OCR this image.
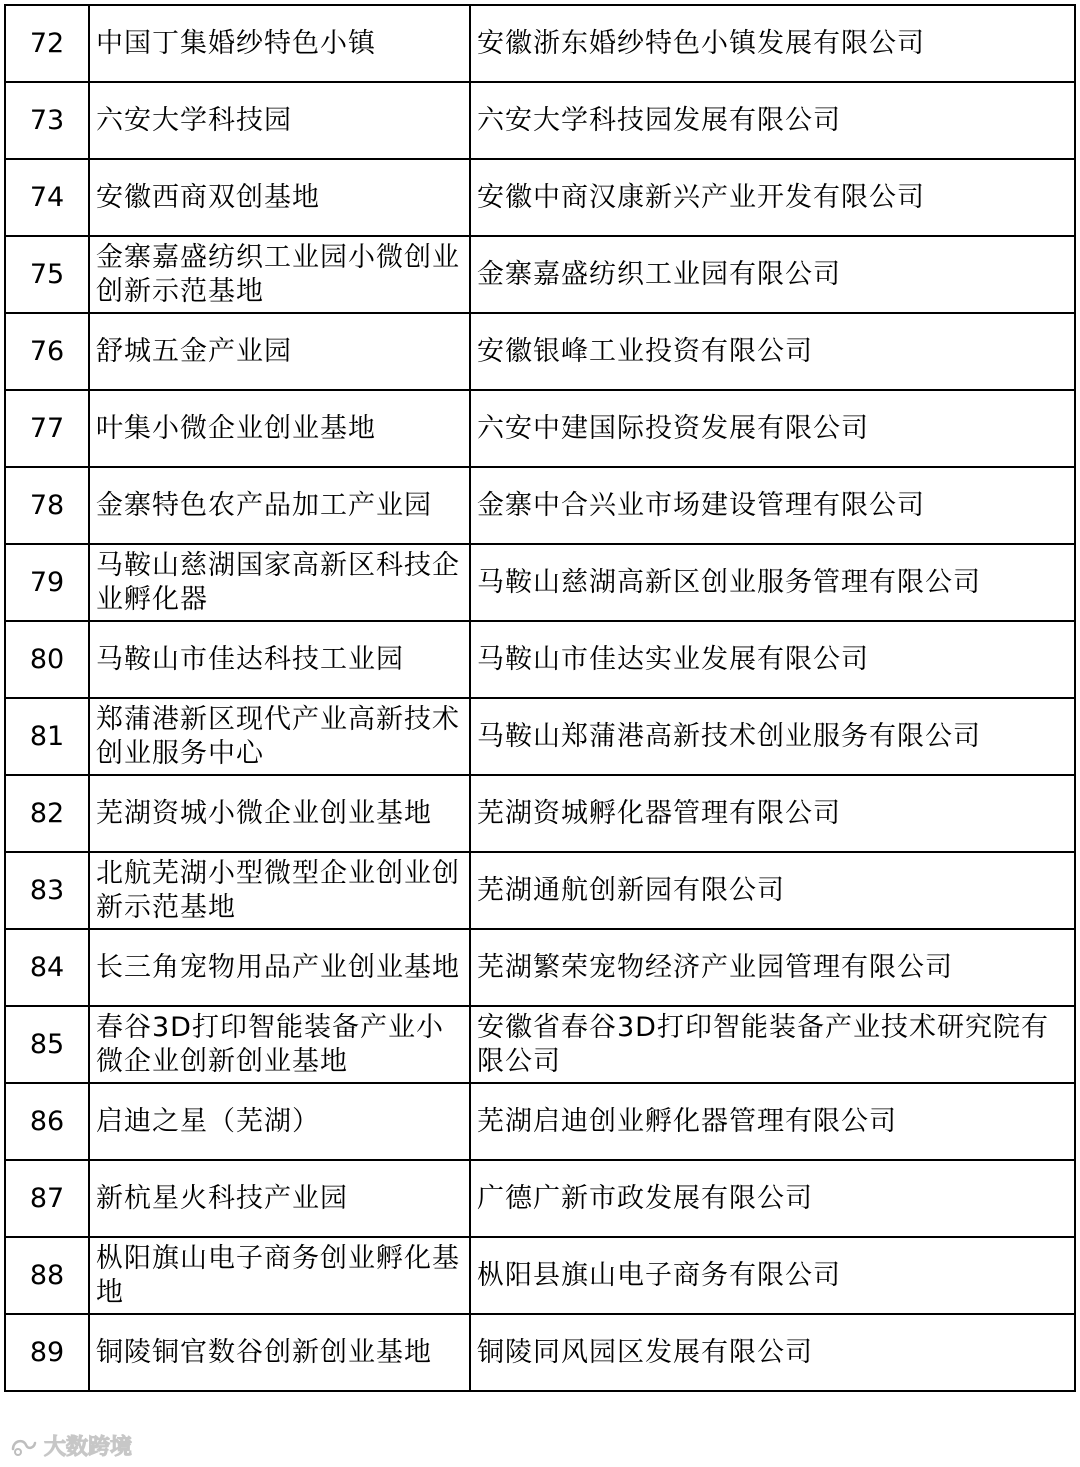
72	中国丁集婚纱特色小镇	安徽浙东婚纱特色小镇发展有限公司
73	六安大学科技园	六安大学科技园发展有限公司
74	安徽西商双创基地	安徽中商汉康新兴产业开发有限公司
75	金寨嘉盛纺织工业园小微创业创新示范基地	金寨嘉盛纺织工业园有限公司
76	舒城五金产业园	安徽银峰工业投资有限公司
77	叶集小微企业创业基地	六安中建国际投资发展有限公司
78	金寨特色农产品加工产业园	金寨中合兴业市场建设管理有限公司
79	马鞍山慈湖国家高新区科技企业孵化器	马鞍山慈湖高新区创业服务管理有限公司
80	马鞍山市佳达科技工业园	马鞍山市佳达实业发展有限公司
81	郑蒲港新区现代产业高新技术创业服务中心	马鞍山郑蒲港高新技术创业服务有限公司
82	芜湖资城小微企业创业基地	芜湖资城孵化器管理有限公司
83	北航芜湖小型微型企业创业创新示范基地	芜湖通航创新园有限公司
84	长三角宠物用品产业创业基地	芜湖繁荣宠物经济产业园管理有限公司
85	春谷3D打印智能装备产业小微企业创新创业基地	安徽省春谷3D打印智能装备产业技术研究院有限公司
86	启迪之星（芜湖）	芜湖启迪创业孵化器管理有限公司
87	新杭星火科技产业园	广德广新市政发展有限公司
88	枞阳旗山电子商务创业孵化基地	枞阳县旗山电子商务有限公司
89	铜陵铜官数谷创新创业基地	铜陵同风园区发展有限公司
大数跨境
